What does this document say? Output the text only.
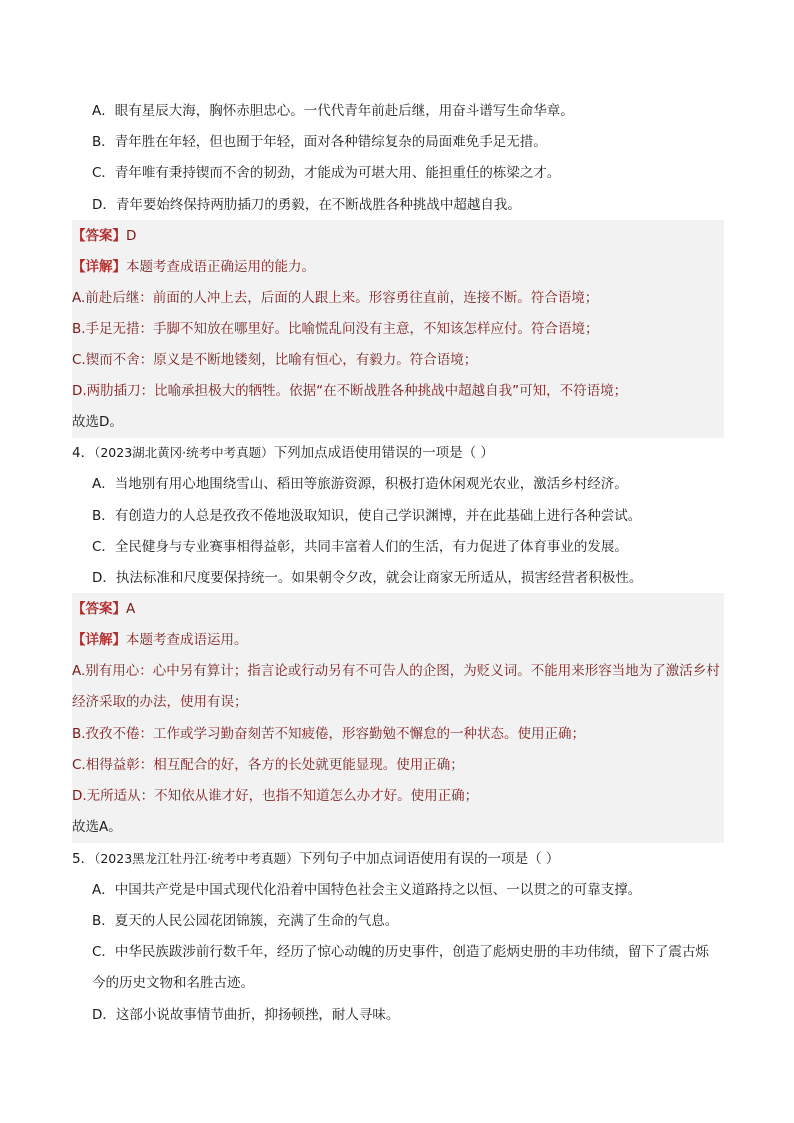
A．眼有星辰大海，胸怀赤胆忠心。一代代青年前赴后继，用奋斗谱写生命华章。
B．青年胜在年轻，但也囿于年轻，面对各种错综复杂的局面难免手足无措。
C．青年唯有秉持锲而不舍的韧劲，才能成为可堪大用、能担重任的栋梁之才。
D．青年要始终保持两肋插刀的勇毅，在不断战胜各种挑战中超越自我。
【答案】D
【详解】本题考查成语正确运用的能力。
A.前赴后继：前面的人冲上去，后面的人跟上来。形容勇往直前，连接不断。符合语境；
B.手足无措：手脚不知放在哪里好。比喻慌乱问没有主意，不知该怎样应付。符合语境；
C.锲而不舍：原义是不断地镂刻，比喻有恒心，有毅力。符合语境；
D.两肋插刀：比喻承担极大的牺牲。依据“在不断战胜各种挑战中超越自我”可知，不符语境；
故选D。
4．（2023湖北黄冈·统考中考真题）下列加点成语使用错误的一项是（ ）
A．当地别有用心地围绕雪山、稻田等旅游资源，积极打造休闲观光农业，激活乡村经济。
B．有创造力的人总是孜孜不倦地汲取知识，使自己学识渊博，并在此基础上进行各种尝试。
C．全民健身与专业赛事相得益彰，共同丰富着人们的生活，有力促进了体育事业的发展。
D．执法标准和尺度要保持统一。如果朝令夕改，就会让商家无所适从，损害经营者积极性。
【答案】A
【详解】本题考查成语运用。
A.别有用心：心中另有算计；指言论或行动另有不可告人的企图，为贬义词。不能用来形容当地为了激活乡村经济采取的办法，使用有误；
B.孜孜不倦：工作或学习勤奋刻苦不知疲倦，形容勤勉不懈怠的一种状态。使用正确；
C.相得益彰：相互配合的好，各方的长处就更能显现。使用正确；
D.无所适从：不知依从谁才好，也指不知道怎么办才好。使用正确；
故选A。
5．（2023黑龙江牡丹江·统考中考真题）下列句子中加点词语使用有误的一项是（ ）
A．中国共产党是中国式现代化沿着中国特色社会主义道路持之以恒、一以贯之的可靠支撑。
B．夏天的人民公园花团锦簇，充满了生命的气息。
C．中华民族跋涉前行数千年，经历了惊心动魄的历史事件，创造了彪炳史册的丰功伟绩，留下了震古烁今的历史文物和名胜古迹。
D．这部小说故事情节曲折，抑扬顿挫，耐人寻味。
